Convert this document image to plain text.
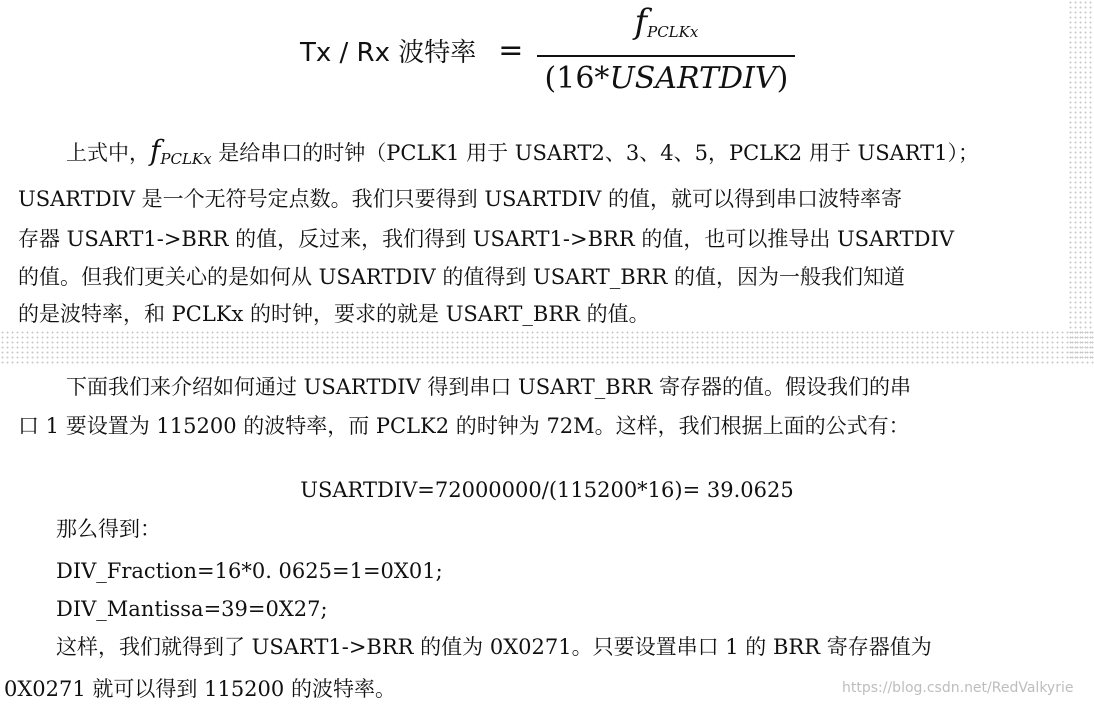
Tx / Rx 波特率 = $\frac{f_{PCLKx}}{\text{(16*USARTDIV)}}$
上式中，$f_{PCLKx}$ 是给串口的时钟（PCLK1 用于 USART2、3、4、5，PCLK2 用于 USART1）；
USARTDIV 是一个无符号定点数。我们只要得到 USARTDIV 的值，就可以得到串口波特率寄
存器 USART1->BRR 的值，反过来，我们得到 USART1->BRR 的值，也可以推导出 USARTDIV
的值。但我们更关心的是如何从 USARTDIV 的值得到 USART_BRR 的值，因为一般我们知道
的是波特率，和 PCLKx 的时钟，要求的就是 USART_BRR 的值。
下面我们来介绍如何通过 USARTDIV 得到串口 USART_BRR 寄存器的值。假设我们的串
口 1 要设置为 115200 的波特率，而 PCLK2 的时钟为 72M。这样，我们根据上面的公式有：
USARTDIV=72000000/(115200*16)= 39.0625
那么得到：
DIV_Fraction=16*0. 0625=1=0X01;
DIV_Mantissa=39=0X27;
这样，我们就得到了 USART1->BRR 的值为 0X0271。只要设置串口 1 的 BRR 寄存器值为
0X0271 就可以得到 115200 的波特率。	https://blog.csdn.net/RedValkyrie
